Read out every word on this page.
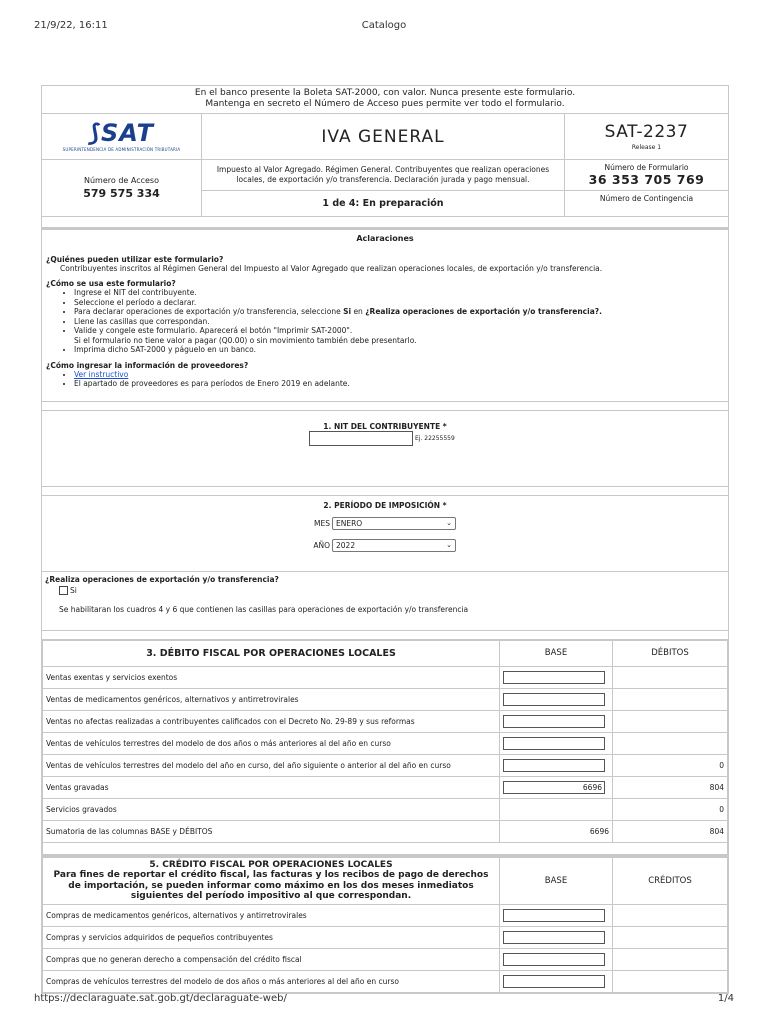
21/9/22, 16:11	Catalogo
En el banco presente la Boleta SAT-2000, con valor. Nunca presente este formulario.
Mantenga en secreto el Número de Acceso pues permite ver todo el formulario.
⟆SAT
SUPERINTENDENCIA DE ADMINISTRACIÓN TRIBUTARIA
Número de Acceso
579 575 334
IVA GENERAL
Impuesto al Valor Agregado. Régimen General. Contribuyentes que realizan operaciones locales, de exportación y/o transferencia. Declaración jurada y pago mensual.
1 de 4: En preparación
SAT-2237
Release 1
Número de Formulario
36 353 705 769
Número de Contingencia
Aclaraciones
¿Quiénes pueden utilizar este formulario?
Contribuyentes inscritos al Régimen General del Impuesto al Valor Agregado que realizan operaciones locales, de exportación y/o transferencia.
¿Cómo se usa este formulario?
• Ingrese el NIT del contribuyente.
• Seleccione el período a declarar.
• Para declarar operaciones de exportación y/o transferencia, seleccione Si en ¿Realiza operaciones de exportación y/o transferencia?.
• Llene las casillas que correspondan.
• Valide y congele este formulario. Aparecerá el botón "Imprimir SAT-2000".
Si el formulario no tiene valor a pagar (Q0.00) o sin movimiento también debe presentarlo.
• Imprima dicho SAT-2000 y páguelo en un banco.
¿Cómo ingresar la información de proveedores?
• Ver instructivo
• El apartado de proveedores es para períodos de Enero 2019 en adelante.
1. NIT DEL CONTRIBUYENTE *
Ej. 22255559
2. PERÍODO DE IMPOSICIÓN *
MES ENERO	⌄
AÑO 2022	⌄
¿Realiza operaciones de exportación y/o transferencia?
Si
Se habilitaran los cuadros 4 y 6 que contienen las casillas para operaciones de exportación y/o transferencia
3. DÉBITO FISCAL POR OPERACIONES LOCALES	BASE	DÉBITOS
Ventas exentas y servicios exentos	

Ventas de medicamentos genéricos, alternativos y antirretrovirales	

Ventas no afectas realizadas a contribuyentes calificados con el Decreto No. 29-89 y sus reformas	

Ventas de vehículos terrestres del modelo de dos años o más anteriores al del año en curso	

Ventas de vehículos terrestres del modelo del año en curso, del año siguiente o anterior al del año en curso		0
Ventas gravadas	6696	804
Servicios gravados		0
Sumatoria de las columnas BASE y DÉBITOS	6696	804
5. CRÉDITO FISCAL POR OPERACIONES LOCALES
Para fines de reportar el crédito fiscal, las facturas y los recibos de pago de derechos de importación, se pueden informar como máximo en los dos meses inmediatos siguientes del período impositivo al que correspondan.	BASE	CRÉDITOS
Compras de medicamentos genéricos, alternativos y antirretrovirales	

Compras y servicios adquiridos de pequeños contribuyentes	

Compras que no generan derecho a compensación del crédito fiscal	

Compras de vehículos terrestres del modelo de dos años o más anteriores al del año en curso	

https://declaraguate.sat.gob.gt/declaraguate-web/	1/4
